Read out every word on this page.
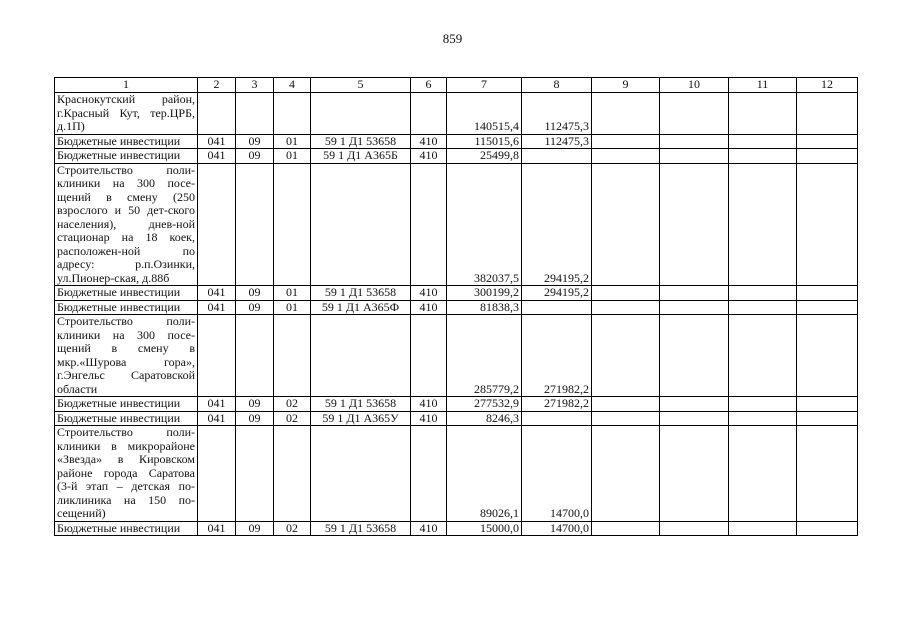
859
1	2	3	4	5	6	7	8	9	10	11	12
Краснокутский район, г.Красный Кут, тер.ЦРБ, д.1П)						140515,4	112475,3				
Бюджетные инвестиции	041	09	01	59 1 Д1 53658	410	115015,6	112475,3				
Бюджетные инвестиции	041	09	01	59 1 Д1 А365Б	410	25499,8					
Строительство поли-​клиники на 300 посе-​щений в смену (250 взрослого и 50 дет-​ского населения), днев-​ной стационар на 18 коек, расположен-​ной по адресу: р.п.Озинки, ул.Пионер-​ская, д.88б						382037,5	294195,2				
Бюджетные инвестиции	041	09	01	59 1 Д1 53658	410	300199,2	294195,2				
Бюджетные инвестиции	041	09	01	59 1 Д1 А365Ф	410	81838,3					
Строительство поли-​клиники на 300 посе-​щений в смену в мкр.«Шурова гора», г.Энгельс Саратовской области						285779,2	271982,2				
Бюджетные инвестиции	041	09	02	59 1 Д1 53658	410	277532,9	271982,2				
Бюджетные инвестиции	041	09	02	59 1 Д1 А365У	410	8246,3					
Строительство поли-​клиники в микрорайоне «Звезда» в Кировском районе города Саратова (3-​й этап – детская по-​ликлиника на 150 по-​сещений)						89026,1	14700,0				
Бюджетные инвестиции	041	09	02	59 1 Д1 53658	410	15000,0	14700,0				
